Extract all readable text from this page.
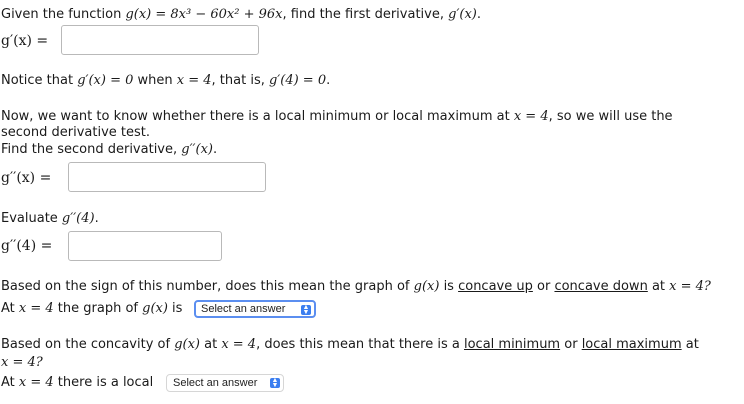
Given the function g(x) = 8x³ − 60x² + 96x, find the first derivative, g′(x).
g′(x) =
Notice that g′(x) = 0 when x = 4, that is, g′(4) = 0.
Now, we want to know whether there is a local minimum or local maximum at x = 4, so we will use the
second derivative test.
Find the second derivative, g′′(x).
g′′(x) =
Evaluate g′′(4).
g′′(4) =
Based on the sign of this number, does this mean the graph of g(x) is concave up or concave down at x = 4?
At x = 4 the graph of g(x) is	Select an answer ▲
▼
Based on the concavity of g(x) at x = 4, does this mean that there is a local minimum or local maximum at
x = 4?
At x = 4 there is a local	Select an answer ▲
▼
